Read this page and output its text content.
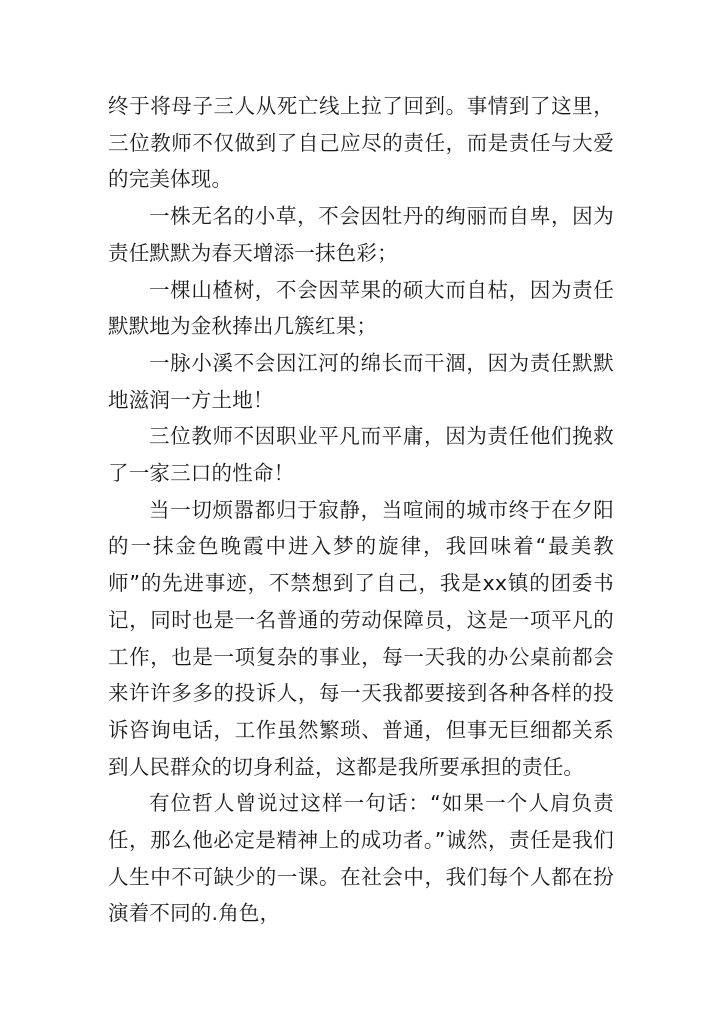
终于将母子三人从死亡线上拉了回到。事情到了这里，三位教师不仅做到了自己应尽的责任，而是责任与大爱的完美体现。

一株无名的小草，不会因牡丹的绚丽而自卑，因为责任默默为春天增添一抹色彩；

一棵山楂树，不会因苹果的硕大而自枯，因为责任默默地为金秋捧出几簇红果；

一脉小溪不会因江河的绵长而干涸，因为责任默默地滋润一方土地！

三位教师不因职业平凡而平庸，因为责任他们挽救了一家三口的性命！

当一切烦嚣都归于寂静，当喧闹的城市终于在夕阳的一抹金色晚霞中进入梦的旋律，我回味着“最美教师”的先进事迹，不禁想到了自己，我是xx镇的团委书记，同时也是一名普通的劳动保障员，这是一项平凡的工作，也是一项复杂的事业，每一天我的办公桌前都会来许许多多的投诉人，每一天我都要接到各种各样的投诉咨询电话，工作虽然繁琐、普通，但事无巨细都关系到人民群众的切身利益，这都是我所要承担的责任。

有位哲人曾说过这样一句话：“如果一个人肩负责任，那么他必定是精神上的成功者。”诚然，责任是我们人生中不可缺少的一课。在社会中，我们每个人都在扮演着不同的.角色，
